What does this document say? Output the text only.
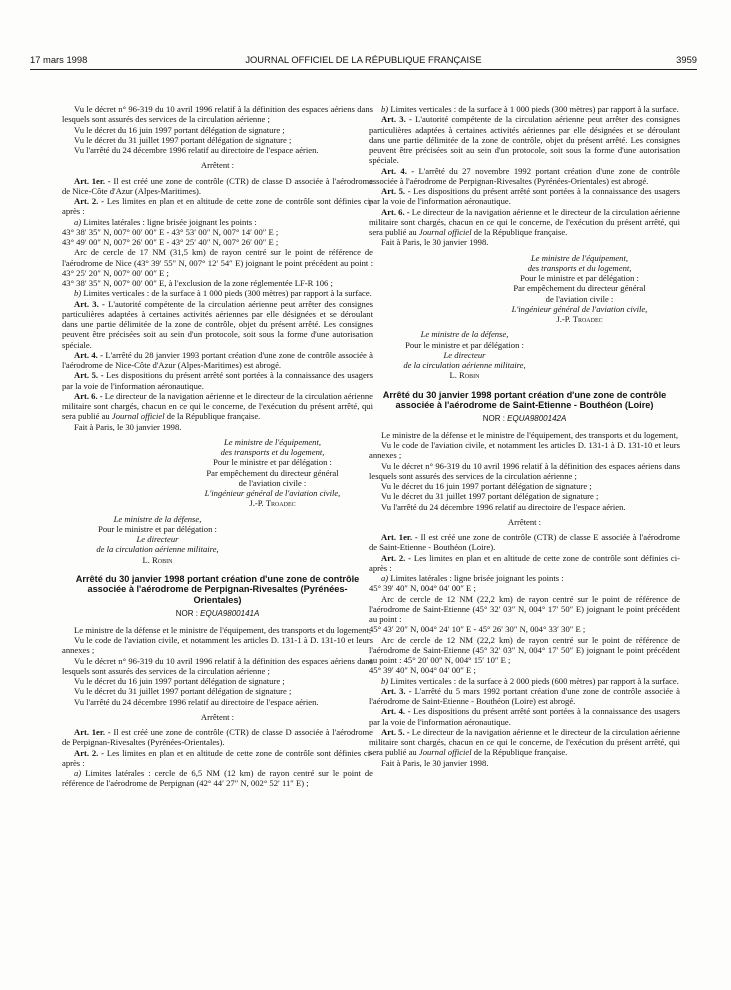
17 mars 1998	JOURNAL OFFICIEL DE LA RÉPUBLIQUE FRANÇAISE	3959

Vu le décret n° 96-319 du 10 avril 1996 relatif à la définition des espaces aériens dans lesquels sont assurés des services de la circulation aérienne ;

Vu le décret du 16 juin 1997 portant délégation de signature ;

Vu le décret du 31 juillet 1997 portant délégation de signature ;

Vu l'arrêté du 24 décembre 1996 relatif au directoire de l'espace aérien.

Arrêtent :

Art. 1er. - Il est créé une zone de contrôle (CTR) de classe D associée à l'aérodrome de Nice-Côte d'Azur (Alpes-Maritimes).

Art. 2. - Les limites en plan et en altitude de cette zone de contrôle sont définies ci-après :

a) Limites latérales : ligne brisée joignant les points :

43° 38′ 35″ N, 007° 00′ 00″ E - 43° 53′ 00″ N, 007° 14′ 00″ E ;

43° 49′ 00″ N, 007° 26′ 00″ E - 43° 25′ 40″ N, 007° 26′ 00″ E ;

Arc de cercle de 17 NM (31,5 km) de rayon centré sur le point de référence de l'aérodrome de Nice (43° 39′ 55″ N, 007° 12′ 54″ E) joignant le point précédent au point : 43° 25′ 20″ N, 007° 00′ 00″ E ;

43° 38′ 35″ N, 007° 00′ 00″ E, à l'exclusion de la zone réglementée LF-R 106 ;

b) Limites verticales : de la surface à 1 000 pieds (300 mètres) par rapport à la surface.

Art. 3. - L'autorité compétente de la circulation aérienne peut arrêter des consignes particulières adaptées à certaines activités aériennes par elle désignées et se déroulant dans une partie délimitée de la zone de contrôle, objet du présent arrêté. Les consignes peuvent être précisées soit au sein d'un protocole, soit sous la forme d'une autorisation spéciale.

Art. 4. - L'arrêté du 28 janvier 1993 portant création d'une zone de contrôle associée à l'aérodrome de Nice-Côte d'Azur (Alpes-Maritimes) est abrogé.

Art. 5. - Les dispositions du présent arrêté sont portées à la connaissance des usagers par la voie de l'information aéronautique.

Art. 6. - Le directeur de la navigation aérienne et le directeur de la circulation aérienne militaire sont chargés, chacun en ce qui le concerne, de l'exécution du présent arrêté, qui sera publié au Journal officiel de la République française.

Fait à Paris, le 30 janvier 1998.

Le ministre de l'équipement,

des transports et du logement,

Pour le ministre et par délégation :

Par empêchement du directeur général

de l'aviation civile :

L'ingénieur général de l'aviation civile,

J.-P. Troadec

Le ministre de la défense,

Pour le ministre et par délégation :

Le directeur

de la circulation aérienne militaire,

L. Robin

Arrêté du 30 janvier 1998 portant création d'une zone de contrôle associée à l'aérodrome de Perpignan-Rivesaltes (Pyrénées-Orientales)
NOR : EQUA9800141A

Le ministre de la défense et le ministre de l'équipement, des transports et du logement,

Vu le code de l'aviation civile, et notamment les articles D. 131-1 à D. 131-10 et leurs annexes ;

Vu le décret n° 96-319 du 10 avril 1996 relatif à la définition des espaces aériens dans lesquels sont assurés des services de la circulation aérienne ;

Vu le décret du 16 juin 1997 portant délégation de signature ;

Vu le décret du 31 juillet 1997 portant délégation de signature ;

Vu l'arrêté du 24 décembre 1996 relatif au directoire de l'espace aérien.

Arrêtent :

Art. 1er. - Il est créé une zone de contrôle (CTR) de classe D associée à l'aérodrome de Perpignan-Rivesaltes (Pyrénées-Orientales).

Art. 2. - Les limites en plan et en altitude de cette zone de contrôle sont définies ci-après :

a) Limites latérales : cercle de 6,5 NM (12 km) de rayon centré sur le point de référence de l'aérodrome de Perpignan (42° 44′ 27″ N, 002° 52′ 11″ E) ;

b) Limites verticales : de la surface à 1 000 pieds (300 mètres) par rapport à la surface.

Art. 3. - L'autorité compétente de la circulation aérienne peut arrêter des consignes particulières adaptées à certaines activités aériennes par elle désignées et se déroulant dans une partie délimitée de la zone de contrôle, objet du présent arrêté. Les consignes peuvent être précisées soit au sein d'un protocole, soit sous la forme d'une autorisation spéciale.

Art. 4. - L'arrêté du 27 novembre 1992 portant création d'une zone de contrôle associée à l'aérodrome de Perpignan-Rivesaltes (Pyrénées-Orientales) est abrogé.

Art. 5. - Les dispositions du présent arrêté sont portées à la connaissance des usagers par la voie de l'information aéronautique.

Art. 6. - Le directeur de la navigation aérienne et le directeur de la circulation aérienne militaire sont chargés, chacun en ce qui le concerne, de l'exécution du présent arrêté, qui sera publié au Journal officiel de la République française.

Fait à Paris, le 30 janvier 1998.

Le ministre de l'équipement,

des transports et du logement,

Pour le ministre et par délégation :

Par empêchement du directeur général

de l'aviation civile :

L'ingénieur général de l'aviation civile,

J.-P. Troadec

Le ministre de la défense,

Pour le ministre et par délégation :

Le directeur

de la circulation aérienne militaire,

L. Robin

Arrêté du 30 janvier 1998 portant création d'une zone de contrôle associée à l'aérodrome de Saint-Etienne - Bouthéon (Loire)
NOR : EQUA9800142A

Le ministre de la défense et le ministre de l'équipement, des transports et du logement,

Vu le code de l'aviation civile, et notamment les articles D. 131-1 à D. 131-10 et leurs annexes ;

Vu le décret n° 96-319 du 10 avril 1996 relatif à la définition des espaces aériens dans lesquels sont assurés des services de la circulation aérienne ;

Vu le décret du 16 juin 1997 portant délégation de signature ;

Vu le décret du 31 juillet 1997 portant délégation de signature ;

Vu l'arrêté du 24 décembre 1996 relatif au directoire de l'espace aérien.

Arrêtent :

Art. 1er. - Il est créé une zone de contrôle (CTR) de classe E associée à l'aérodrome de Saint-Etienne - Bouthéon (Loire).

Art. 2. - Les limites en plan et en altitude de cette zone de contrôle sont définies ci-après :

a) Limites latérales : ligne brisée joignant les points :

45° 39′ 40″ N, 004° 04′ 00″ E ;

Arc de cercle de 12 NM (22,2 km) de rayon centré sur le point de référence de l'aérodrome de Saint-Etienne (45° 32′ 03″ N, 004° 17′ 50″ E) joignant le point précédent au point :

45° 43′ 20″ N, 004° 24′ 10″ E - 45° 26′ 30″ N, 004° 33′ 30″ E ;

Arc de cercle de 12 NM (22,2 km) de rayon centré sur le point de référence de l'aérodrome de Saint-Etienne (45° 32′ 03″ N, 004° 17′ 50″ E) joignant le point précédent au point : 45° 20′ 00″ N, 004° 15′ 10″ E ;

45° 39′ 40″ N, 004° 04′ 00″ E ;

b) Limites verticales : de la surface à 2 000 pieds (600 mètres) par rapport à la surface.

Art. 3. - L'arrêté du 5 mars 1992 portant création d'une zone de contrôle associée à l'aérodrome de Saint-Etienne - Bouthéon (Loire) est abrogé.

Art. 4. - Les dispositions du présent arrêté sont portées à la connaissance des usagers par la voie de l'information aéronautique.

Art. 5. - Le directeur de la navigation aérienne et le directeur de la circulation aérienne militaire sont chargés, chacun en ce qui le concerne, de l'exécution du présent arrêté, qui sera publié au Journal officiel de la République française.

Fait à Paris, le 30 janvier 1998.
